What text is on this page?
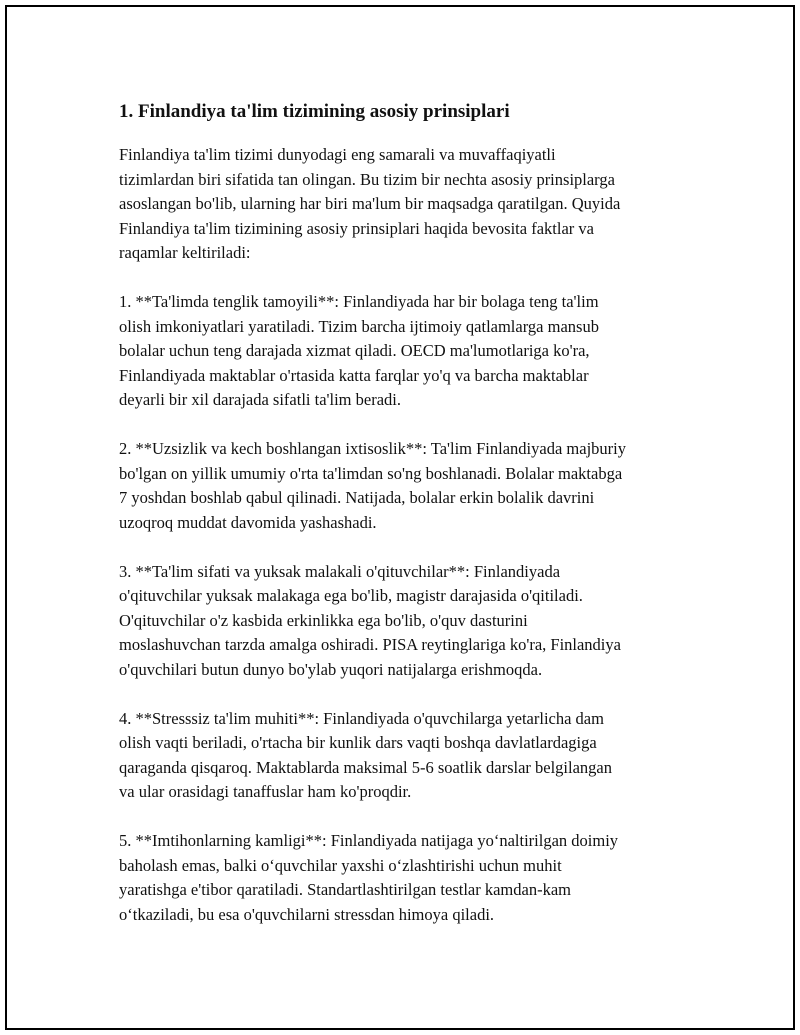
1. Finlandiya ta'lim tizimining asosiy prinsiplari

Finlandiya ta'lim tizimi dunyodagi eng samarali va muvaffaqiyatli
tizimlardan biri sifatida tan olingan. Bu tizim bir nechta asosiy prinsiplarga
asoslangan bo'lib, ularning har biri ma'lum bir maqsadga qaratilgan. Quyida
Finlandiya ta'lim tizimining asosiy prinsiplari haqida bevosita faktlar va
raqamlar keltiriladi:

1. **Ta'limda tenglik tamoyili**: Finlandiyada har bir bolaga teng ta'lim
olish imkoniyatlari yaratiladi. Tizim barcha ijtimoiy qatlamlarga mansub
bolalar uchun teng darajada xizmat qiladi. OECD ma'lumotlariga ko'ra,
Finlandiyada maktablar o'rtasida katta farqlar yo'q va barcha maktablar
deyarli bir xil darajada sifatli ta'lim beradi.

2. **Uzsizlik va kech boshlangan ixtisoslik**: Ta'lim Finlandiyada majburiy
bo'lgan on yillik umumiy o'rta ta'limdan so'ng boshlanadi. Bolalar maktabga
7 yoshdan boshlab qabul qilinadi. Natijada, bolalar erkin bolalik davrini
uzoqroq muddat davomida yashashadi.

3. **Ta'lim sifati va yuksak malakali o'qituvchilar**: Finlandiyada
o'qituvchilar yuksak malakaga ega bo'lib, magistr darajasida o'qitiladi.
O'qituvchilar o'z kasbida erkinlikka ega bo'lib, o'quv dasturini
moslashuvchan tarzda amalga oshiradi. PISA reytinglariga ko'ra, Finlandiya
o'quvchilari butun dunyo bo'ylab yuqori natijalarga erishmoqda.

4. **Stresssiz ta'lim muhiti**: Finlandiyada o'quvchilarga yetarlicha dam
olish vaqti beriladi, o'rtacha bir kunlik dars vaqti boshqa davlatlardagiga
qaraganda qisqaroq. Maktablarda maksimal 5-6 soatlik darslar belgilangan
va ular orasidagi tanaffuslar ham ko'proqdir.

5. **Imtihonlarning kamligi**: Finlandiyada natijaga yo‘naltirilgan doimiy
baholash emas, balki o‘quvchilar yaxshi o‘zlashtirishi uchun muhit
yaratishga e'tibor qaratiladi. Standartlashtirilgan testlar kamdan-kam
o‘tkaziladi, bu esa o'quvchilarni stressdan himoya qiladi.
